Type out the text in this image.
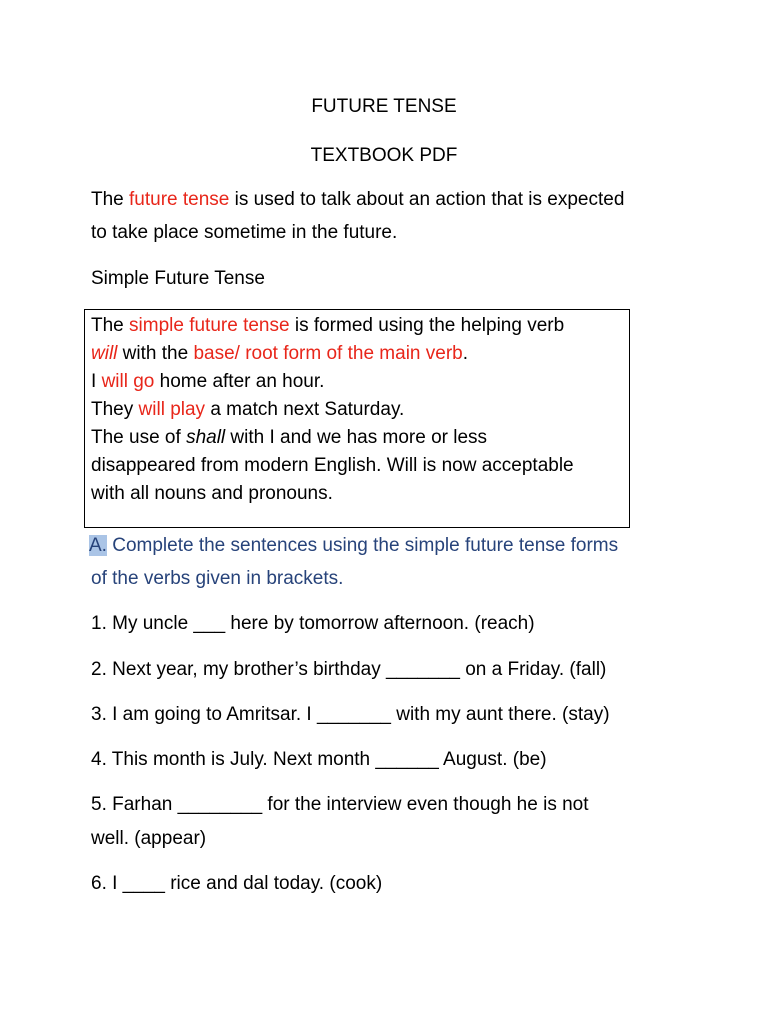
FUTURE TENSE
TEXTBOOK PDF
The future tense is used to talk about an action that is expected
to take place sometime in the future.
Simple Future Tense
The simple future tense is formed using the helping verb
will with the base/ root form of the main verb.
I will go home after an hour.
They will play a match next Saturday.
The use of shall with I and we has more or less
disappeared from modern English. Will is now acceptable
with all nouns and pronouns.
A. Complete the sentences using the simple future tense forms
of the verbs given in brackets.
1. My uncle ___ here by tomorrow afternoon. (reach)
2. Next year, my brother’s birthday _______ on a Friday. (fall)
3. I am going to Amritsar. I _______ with my aunt there. (stay)
4. This month is July. Next month ______ August. (be)
5. Farhan ________ for the interview even though he is not
well. (appear)
6. I ____ rice and dal today. (cook)
